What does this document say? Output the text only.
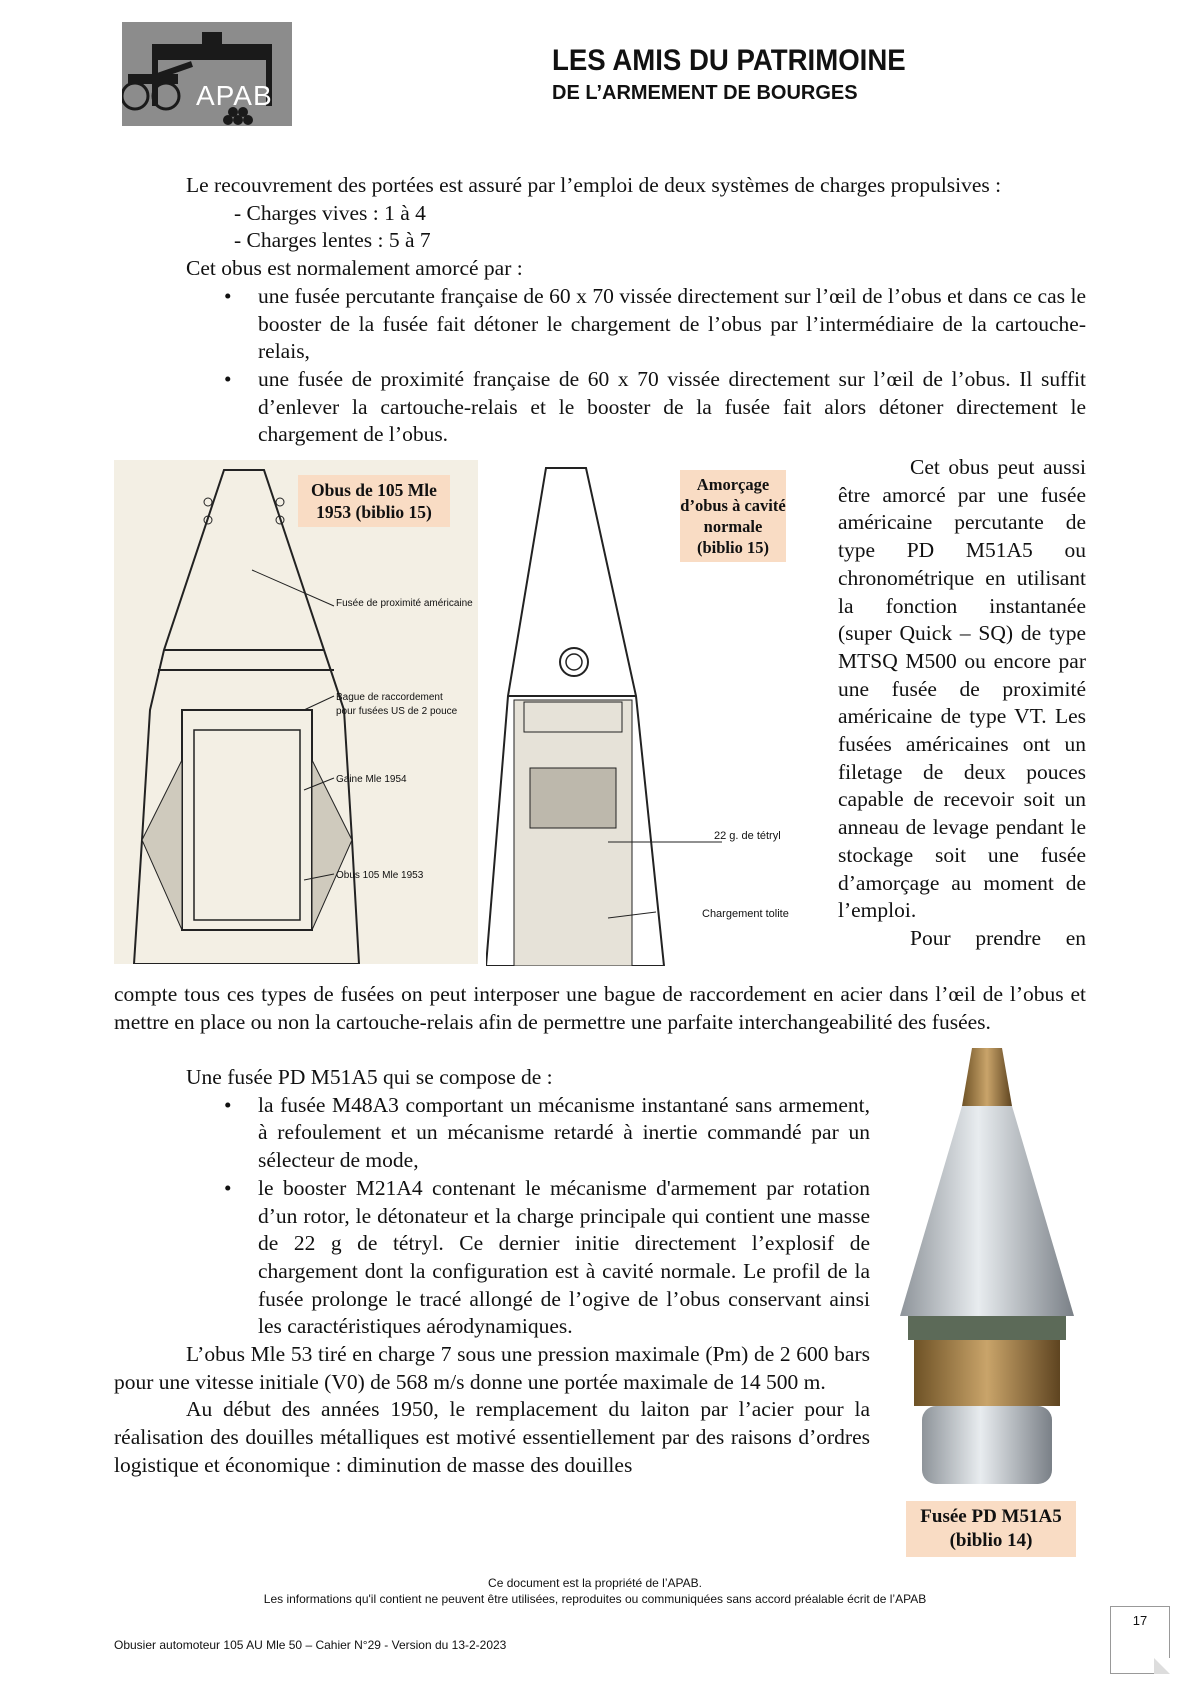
APAB
LES AMIS DU PATRIMOINE
DE L’ARMEMENT DE BOURGES

Le recouvrement des portées est assuré par l’emploi de deux systèmes de charges propulsives :

- Charges vives : 1 à 4

- Charges lentes : 5 à 7

Cet obus est normalement amorcé par :

• une fusée percutante française de 60 x 70 vissée directement sur l’œil de l’obus et dans ce cas le booster de la fusée fait détoner le chargement de l’obus par l’intermédiaire de la cartouche-relais,
• une fusée de proximité française de 60 x 70 vissée directement sur l’œil de l’obus. Il suffit d’enlever la cartouche-relais et le booster de la fusée fait alors détoner directement le chargement de l’obus.
Fusée de proximité américaine
Bague de raccordement
pour fusées US de 2 pouce
Gaine Mle 1954
Obus 105 Mle 1953
Obus de 105 Mle 1953 (biblio 15)
22 g. de tétryl
Chargement tolite
Amorçage d’obus à cavité normale (biblio 15)

Cet obus peut aussi être amorcé par une fusée américaine percutante de type PD M51A5 ou chronométrique en utilisant la fonction instantanée (super Quick – SQ) de type MTSQ M500 ou encore par une fusée de proximité américaine de type VT. Les fusées américaines ont un filetage de deux pouces capable de recevoir soit un anneau de levage pendant le stockage soit une fusée d’amorçage au moment de l’emploi.

Pour prendre en

compte tous ces types de fusées on peut interposer une bague de raccordement en acier dans l’œil de l’obus et mettre en place ou non la cartouche-relais afin de permettre une parfaite interchangeabilité des fusées.

Une fusée PD M51A5 qui se compose de :

• la fusée M48A3 comportant un mécanisme instantané sans armement, à refoulement et un mécanisme retardé à inertie commandé par un sélecteur de mode,
• le booster M21A4 contenant le mécanisme d'armement par rotation d’un rotor, le détonateur et la charge principale qui contient une masse de 22 g de tétryl. Ce dernier initie directement l’explosif de chargement dont la configuration est à cavité normale. Le profil de la fusée prolonge le tracé allongé de l’ogive de l’obus conservant ainsi les caractéristiques aérodynamiques.

L’obus Mle 53 tiré en charge 7 sous une pression maximale (Pm) de 2 600 bars pour une vitesse initiale (V0) de 568 m/s donne une portée maximale de 14 500 m.

Au début des années 1950, le remplacement du laiton par l’acier pour la réalisation des douilles métalliques est motivé essentiellement par des raisons d’ordres logistique et économique : diminution de masse des douilles

Fusée PD M51A5
(biblio 14)
Ce document est la propriété de l’APAB.
Les informations qu'il contient ne peuvent être utilisées, reproduites ou communiquées sans accord préalable écrit de l’APAB
Obusier automoteur 105 AU Mle 50 – Cahier N°29 - Version du 13-2-2023
17
